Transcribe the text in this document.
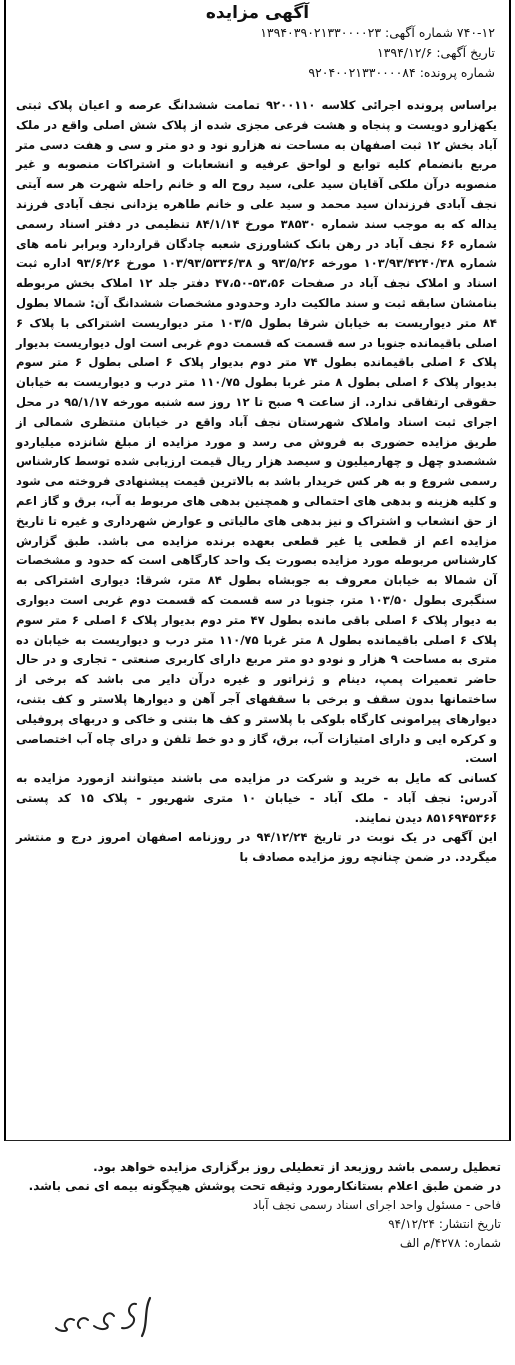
آگهی مزایده
۷۴۰-۱۲ شماره آگهی: ۱۳۹۴۰۳۹۰۲۱۳۳۰۰۰۰۲۳
تاریخ آگهی: ۱۳۹۴/۱۲/۶
شماره پرونده: ۹۲۰۴۰۰۲۱۳۳۰۰۰۰۸۴
براساس پرونده اجرائی کلاسه ۹۲۰۰۱۱۰ تمامت ششدانگ عرصه و اعیان پلاک ثبتی یکهزارو دویست و پنجاه و هشت فرعی مجزی شده از پلاک شش اصلی واقع در ملک آباد بخش ۱۲ ثبت اصفهان به مساحت نه هزارو نود و دو متر و سی و هفت دسی متر مربع بانضمام کلیه توابع و لواحق عرفیه و انشعابات و اشتراکات منصوبه و غیر منصوبه درآن ملکی آقایان سید علی، سید روح اله و خانم راحله شهرت هر سه آیتی نجف آبادی فرزندان سید محمد و سید علی و خانم طاهره یزدانی نجف آبادی فرزند یداله که به موجب سند شماره ۳۸۵۳۰ مورخ ۸۴/۱/۱۴ تنظیمی در دفتر اسناد رسمی شماره ۶۶ نجف آباد در رهن بانک کشاورزی شعبه چادگان قراردارد وبرابر نامه های شماره ۱۰۳/۹۳/۴۲۴۰/۳۸ مورخه ۹۳/۵/۲۶ و ۱۰۳/۹۳/۵۳۳۶/۳۸ مورخ ۹۳/۶/۲۶ اداره ثبت اسناد و املاک نجف آباد در صفحات ۵۳،۵۶-۴۷،۵۰ دفتر جلد ۱۲ املاک بخش مربوطه بنامشان سابقه ثبت و سند مالکیت دارد وحدودو مشخصات ششدانگ آن: شمالا بطول ۸۴ متر دیواریست به خیابان شرقا بطول ۱۰۳/۵ متر دیواریست اشتراکی با پلاک ۶ اصلی باقیمانده جنوبا در سه قسمت که قسمت دوم غربی است اول دیواریست بدیوار پلاک ۶ اصلی باقیمانده بطول ۷۴ متر دوم بدیوار پلاک ۶ اصلی بطول ۶ متر سوم بدیوار پلاک ۶ اصلی بطول ۸ متر غربا بطول ۱۱۰/۷۵ متر درب و دیواریست به خیابان حقوقی ارتفاقی ندارد. از ساعت ۹ صبح تا ۱۲ روز سه شنبه مورخه ۹۵/۱/۱۷ در محل اجرای ثبت اسناد واملاک شهرستان نجف آباد واقع در خیابان منتظری شمالی از طریق مزایده حضوری به فروش می رسد و مورد مزایده از مبلغ شانزده میلیاردو ششصدو چهل و چهارمیلیون و سیصد هزار ریال قیمت ارزیابی شده توسط کارشناس رسمی شروع و به هر کس خریدار باشد به بالاترین قیمت پیشنهادی فروخته می شود و کلیه هزینه و بدهی های احتمالی و همچنین بدهی های مربوط به آب، برق و گاز اعم از حق انشعاب و اشتراک و نیز بدهی های مالیاتی و عوارض شهرداری و غیره تا تاریخ مزایده اعم از قطعی یا غیر قطعی بعهده برنده مزایده می باشد. طبق گزارش کارشناس مربوطه مورد مزایده بصورت یک واحد کارگاهی است که حدود و مشخصات آن شمالا به خیابان معروف به جوبشاه بطول ۸۴ متر، شرقا: دیواری اشتراکی به سنگبری بطول ۱۰۳/۵۰ متر، جنوبا در سه قسمت که قسمت دوم غربی است دیواری به دیوار پلاک ۶ اصلی باقی مانده بطول ۴۷ متر دوم بدیوار پلاک ۶ اصلی ۶ متر سوم پلاک ۶ اصلی باقیمانده بطول ۸ متر غربا ۱۱۰/۷۵ متر درب و دیواریست به خیابان ده متری به مساحت ۹ هزار و نودو دو متر مربع دارای کاربری صنعتی - تجاری و در حال حاضر تعمیرات پمپ، دینام و ژنراتور و غیره درآن دایر می باشد که برخی از ساختمانها بدون سقف و برخی با سقفهای آجر آهن و دیوارها پلاستر و کف بتنی، دیوارهای پیرامونی کارگاه بلوکی با پلاستر و کف ها بتنی و خاکی و دربهای پروفیلی و کرکره ایی و دارای امتیازات آب، برق، گاز و دو خط تلفن و درای چاه آب اختصاصی است.
کسانی که مایل به خرید و شرکت در مزایده می باشند میتوانند ازمورد مزایده به آدرس: نجف آباد - ملک آباد - خیابان ۱۰ متری شهریور - پلاک ۱۵ کد پستی ۸۵۱۶۹۴۵۳۶۶ دیدن نمایند.
این آگهی در یک نوبت در تاریخ ۹۴/۱۲/۲۴ در روزنامه اصفهان امروز درج و منتشر میگردد. در ضمن چنانچه روز مزایده مصادف با
تعطیل رسمی باشد روزبعد از تعطیلی روز برگزاری مزایده خواهد بود.
در ضمن طبق اعلام بستانکارمورد وثیقه تحت پوشش هیچگونه بیمه ای نمی باشد.
فاحی - مسئول واحد اجرای اسناد رسمی نجف آباد
تاریخ انتشار: ۹۴/۱۲/۲۴
شماره: ۴۲۷۸/م الف
